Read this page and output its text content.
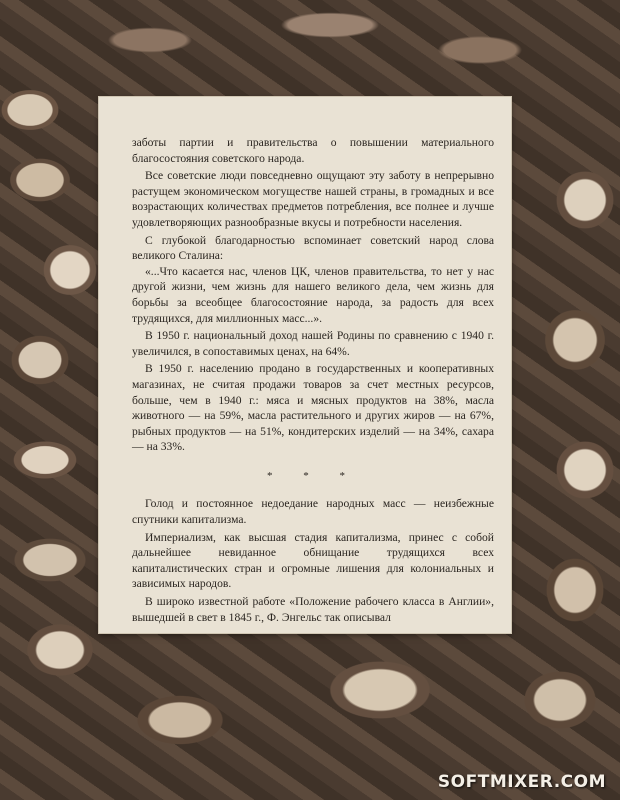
заботы партии и правительства о повышении материального благосостояния советского народа.

Все советские люди повседневно ощущают эту заботу в непрерывно растущем экономическом могуществе нашей страны, в громадных и все возрастающих количествах предметов потребления, все полнее и лучше удовлетворяющих разнообразные вкусы и потребности населения.

С глубокой благодарностью вспоминает советский народ слова великого Сталина:

«...Что касается нас, членов ЦК, членов правительства, то нет у нас другой жизни, чем жизнь для нашего великого дела, чем жизнь для борьбы за всеобщее благосостояние народа, за радость для всех трудящихся, для миллионных масс...».

В 1950 г. национальный доход нашей Родины по сравнению с 1940 г. увеличился, в сопоставимых ценах, на 64%.

В 1950 г. населению продано в государственных и кооперативных магазинах, не считая продажи товаров за счет местных ресурсов, больше, чем в 1940 г.: мяса и мясных продуктов на 38%, масла животного — на 59%, масла растительного и других жиров — на 67%, рыбных продуктов — на 51%, кондитерских изделий — на 34%, сахара — на 33%.

* * *

Голод и постоянное недоедание народных масс — неизбежные спутники капитализма.

Империализм, как высшая стадия капитализма, принес с собой дальнейшее невиданное обнищание трудящихся всех капиталистических стран и огромные лишения для колониальных и зависимых народов.

В широко известной работе «Положение рабочего класса в Англии», вышедшей в свет в 1845 г., Ф. Энгельс так описывал

SOFTMIXER.COM
